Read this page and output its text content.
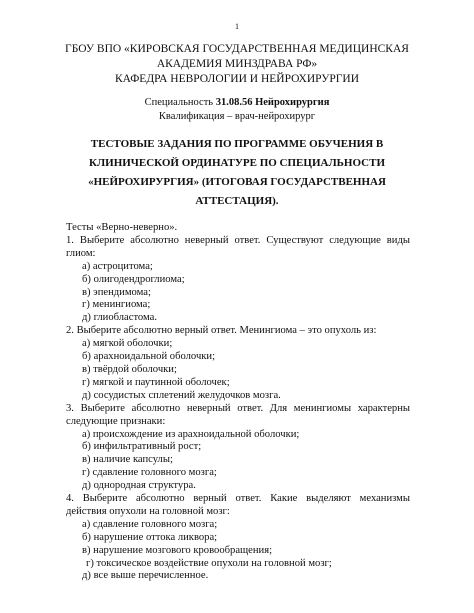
1
ГБОУ ВПО «КИРОВСКАЯ ГОСУДАРСТВЕННАЯ МЕДИЦИНСКАЯ
АКАДЕМИЯ МИНЗДРАВА РФ»
КАФЕДРА НЕВРОЛОГИИ И НЕЙРОХИРУРГИИ
Специальность 31.08.56 Нейрохирургия
Квалификация – врач-нейрохирург
ТЕСТОВЫЕ ЗАДАНИЯ ПО ПРОГРАММЕ ОБУЧЕНИЯ В
КЛИНИЧЕСКОЙ ОРДИНАТУРЕ ПО СПЕЦИАЛЬНОСТИ
«НЕЙРОХИРУРГИЯ» (ИТОГОВАЯ ГОСУДАРСТВЕННАЯ
АТТЕСТАЦИЯ).
Тесты «Верно-неверно».
1. Выберите абсолютно неверный ответ. Существуют следующие виды глиом:
а) астроцитома;
б) олигодендроглиома;
в) эпендимома;
г) менингиома;
д) глиобластома.
2. Выберите абсолютно верный ответ. Менингиома – это опухоль из:
а) мягкой оболочки;
б) арахноидальной оболочки;
в) твёрдой оболочки;
г) мягкой и паутинной оболочек;
д) сосудистых сплетений желудочков мозга.
3. Выберите абсолютно неверный ответ. Для менингиомы характерны следующие признаки:
а) происхождение из арахноидальной оболочки;
б) инфильтративный рост;
в) наличие капсулы;
г) сдавление головного мозга;
д) однородная структура.
4. Выберите абсолютно верный ответ. Какие выделяют механизмы действия опухоли на головной мозг:
а) сдавление головного мозга;
б) нарушение оттока ликвора;
в) нарушение мозгового кровообращения;
г) токсическое воздействие опухоли на головной мозг;
д) все выше перечисленное.
